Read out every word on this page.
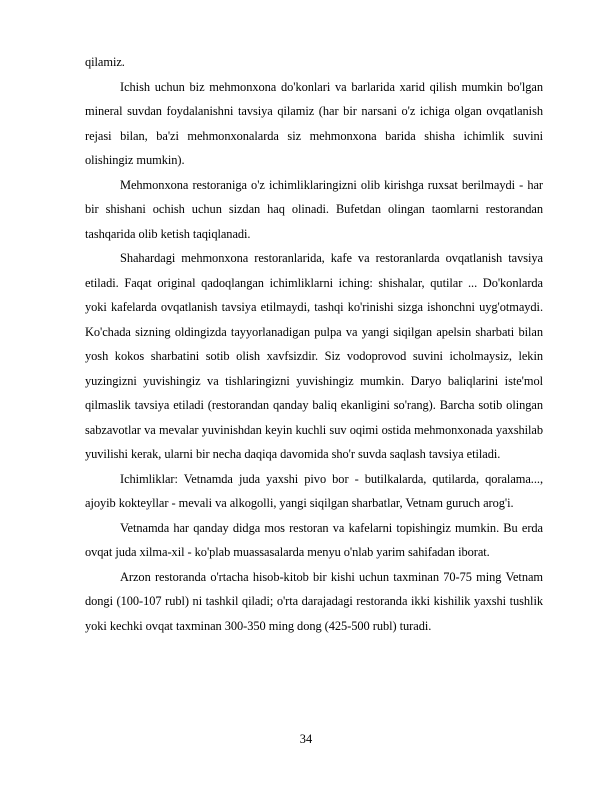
qilamiz.

Ichish uchun biz mehmonxona do'konlari va barlarida xarid qilish mumkin bo'lgan mineral suvdan foydalanishni tavsiya qilamiz (har bir narsani o'z ichiga olgan ovqatlanish rejasi bilan, ba'zi mehmonxonalarda siz mehmonxona barida shisha ichimlik suvini olishingiz mumkin).

Mehmonxona restoraniga o'z ichimliklaringizni olib kirishga ruxsat berilmaydi - har bir shishani ochish uchun sizdan haq olinadi. Bufetdan olingan taomlarni restorandan tashqarida olib ketish taqiqlanadi.

Shahardagi mehmonxona restoranlarida, kafe va restoranlarda ovqatlanish tavsiya etiladi. Faqat original qadoqlangan ichimliklarni iching: shishalar, qutilar ... Do'konlarda yoki kafelarda ovqatlanish tavsiya etilmaydi, tashqi ko'rinishi sizga ishonchni uyg'otmaydi. Ko'chada sizning oldingizda tayyorlanadigan pulpa va yangi siqilgan apelsin sharbati bilan yosh kokos sharbatini sotib olish xavfsizdir. Siz vodoprovod suvini icholmaysiz, lekin yuzingizni yuvishingiz va tishlaringizni yuvishingiz mumkin. Daryo baliqlarini iste'mol qilmaslik tavsiya etiladi (restorandan qanday baliq ekanligini so'rang). Barcha sotib olingan sabzavotlar va mevalar yuvinishdan keyin kuchli suv oqimi ostida mehmonxonada yaxshilab yuvilishi kerak, ularni bir necha daqiqa davomida sho'r suvda saqlash tavsiya etiladi.

Ichimliklar: Vetnamda juda yaxshi pivo bor - butilkalarda, qutilarda, qoralama..., ajoyib kokteyllar - mevali va alkogolli, yangi siqilgan sharbatlar, Vetnam guruch arog'i.

Vetnamda har qanday didga mos restoran va kafelarni topishingiz mumkin. Bu erda ovqat juda xilma-xil - ko'plab muassasalarda menyu o'nlab yarim sahifadan iborat.

Arzon restoranda o'rtacha hisob-kitob bir kishi uchun taxminan 70-75 ming Vetnam dongi (100-107 rubl) ni tashkil qiladi; o'rta darajadagi restoranda ikki kishilik yaxshi tushlik yoki kechki ovqat taxminan 300-350 ming dong (425-500 rubl) turadi.

34
